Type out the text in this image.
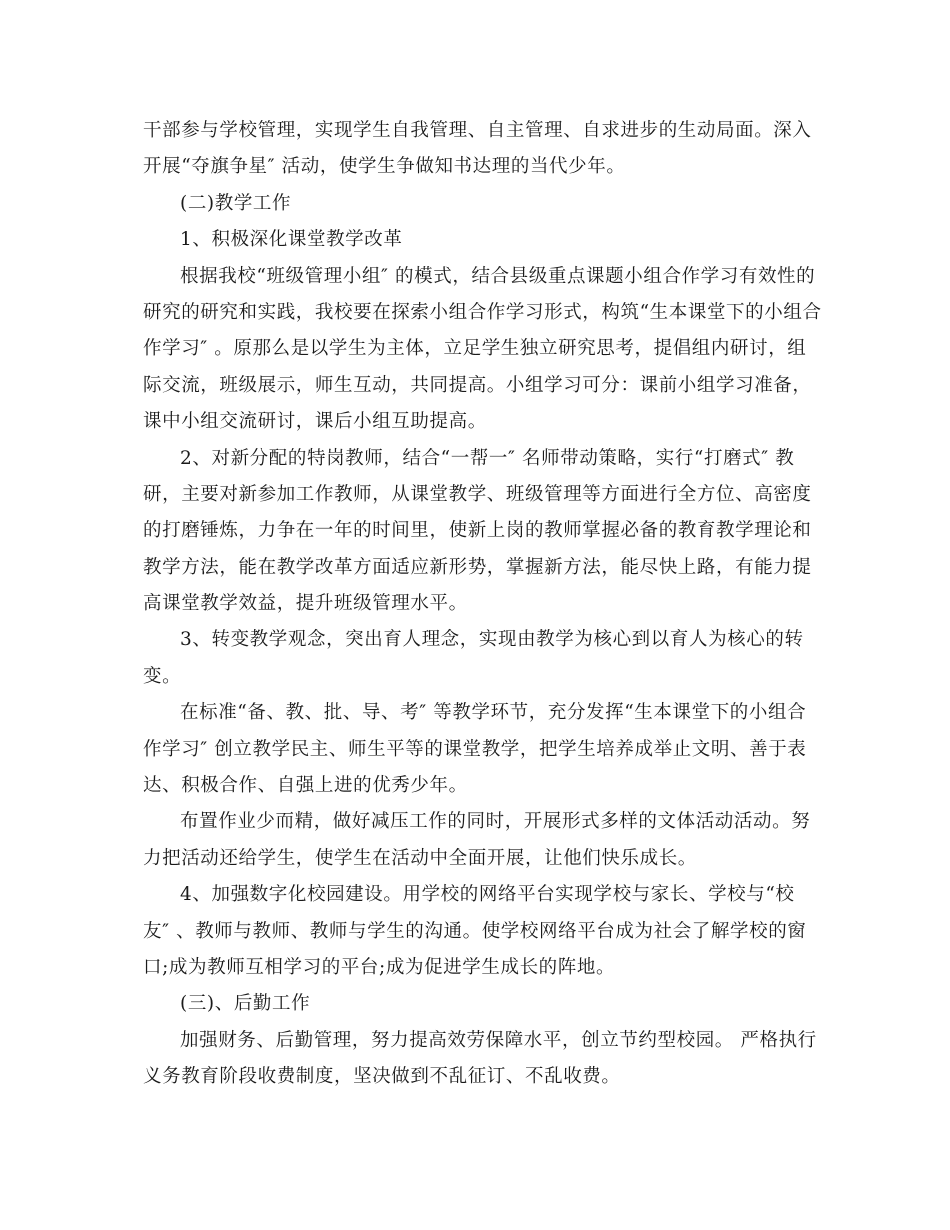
干部参与学校管理，实现学生自我管理、自主管理、自求进步的生动局面。深入
开展“夺旗争星″ 活动，使学生争做知书达理的当代少年。
(二)教学工作
1、积极深化课堂教学改革
根据我校“班级管理小组″ 的模式，结合县级重点课题小组合作学习有效性的
研究的研究和实践，我校要在探索小组合作学习形式，构筑“生本课堂下的小组合
作学习″ 。原那么是以学生为主体，立足学生独立研究思考，提倡组内研讨，组
际交流，班级展示，师生互动，共同提高。小组学习可分：课前小组学习准备，
课中小组交流研讨，课后小组互助提高。
2、对新分配的特岗教师，结合“一帮一″ 名师带动策略，实行“打磨式″ 教
研，主要对新参加工作教师，从课堂教学、班级管理等方面进行全方位、高密度
的打磨锤炼，力争在一年的时间里，使新上岗的教师掌握必备的教育教学理论和
教学方法，能在教学改革方面适应新形势，掌握新方法，能尽快上路，有能力提
高课堂教学效益，提升班级管理水平。
3、转变教学观念，突出育人理念，实现由教学为核心到以育人为核心的转
变。
在标准“备、教、批、导、考″ 等教学环节，充分发挥“生本课堂下的小组合
作学习″ 创立教学民主、师生平等的课堂教学，把学生培养成举止文明、善于表
达、积极合作、自强上进的优秀少年。
布置作业少而精，做好减压工作的同时，开展形式多样的文体活动活动。努
力把活动还给学生，使学生在活动中全面开展，让他们快乐成长。
4、加强数字化校园建设。用学校的网络平台实现学校与家长、学校与“校
友″ 、教师与教师、教师与学生的沟通。使学校网络平台成为社会了解学校的窗
口;成为教师互相学习的平台;成为促进学生成长的阵地。
(三)、后勤工作
加强财务、后勤管理，努力提高效劳保障水平，创立节约型校园。 严格执行
义务教育阶段收费制度，坚决做到不乱征订、不乱收费。
